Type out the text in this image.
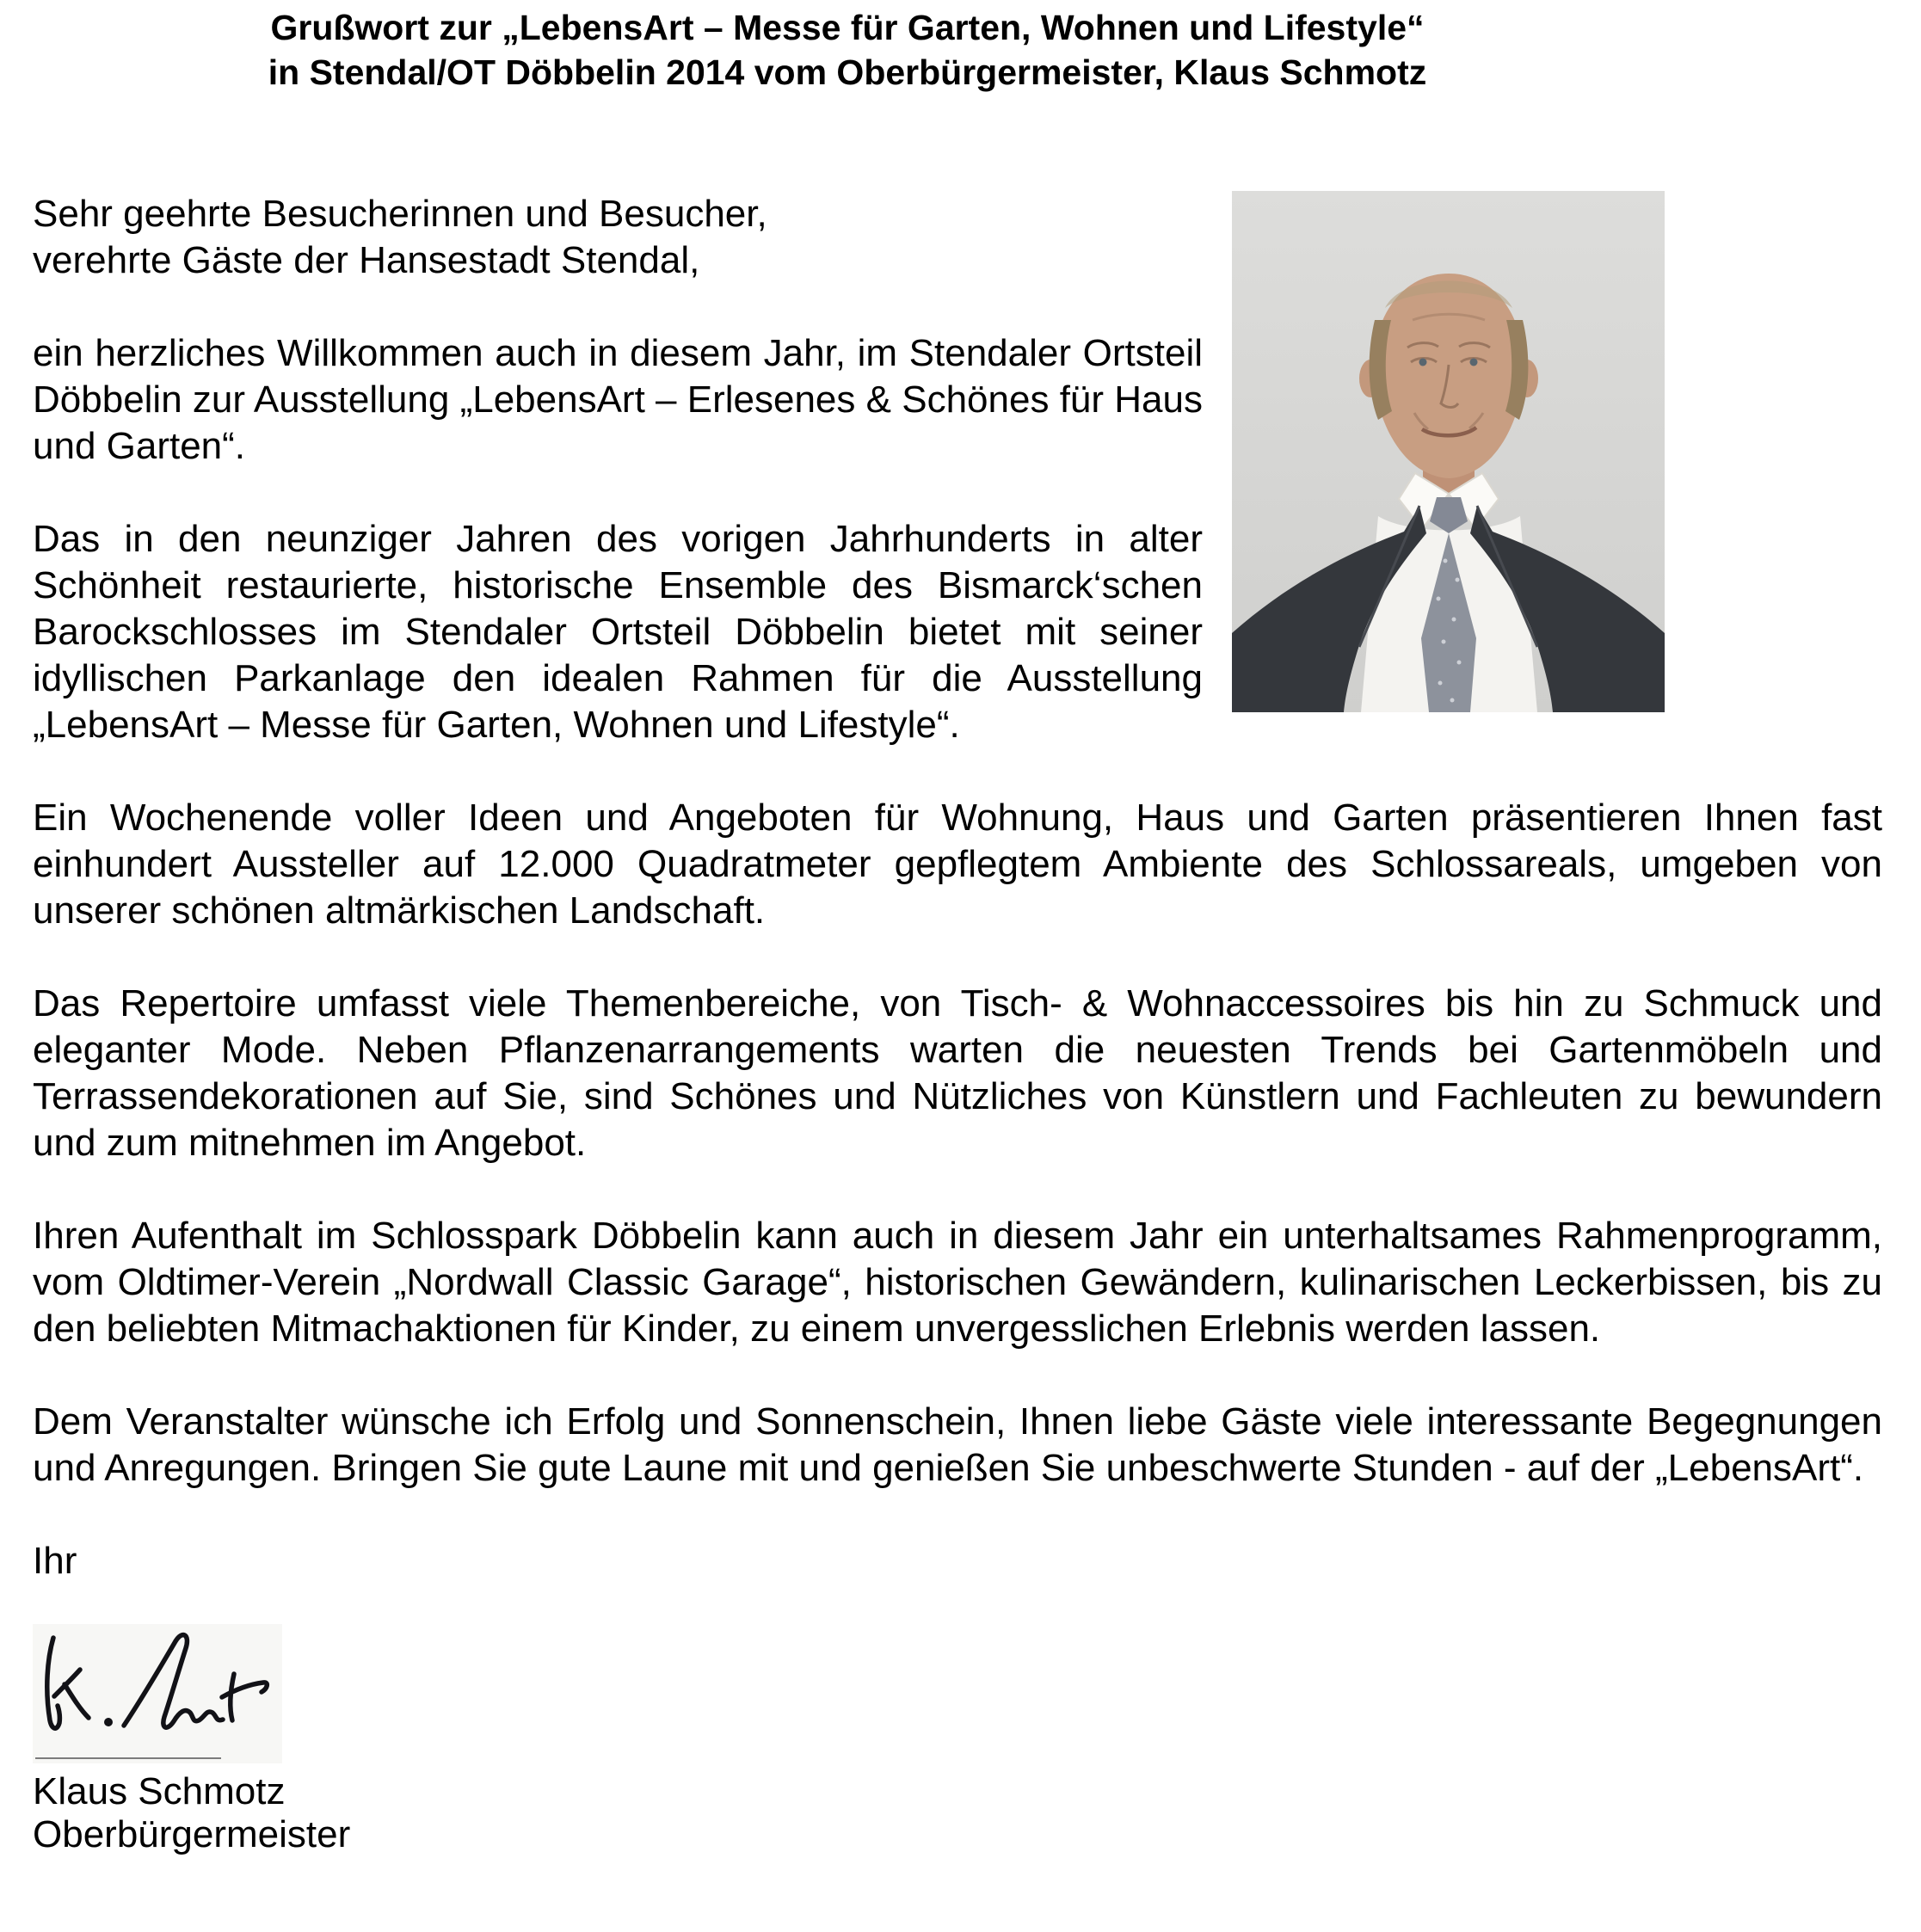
Grußwort zur „LebensArt – Messe für Garten, Wohnen und Lifestyle“
in Stendal/OT Döbbelin 2014 vom Oberbürgermeister, Klaus Schmotz

Sehr geehrte Besucherinnen und Besucher,
verehrte Gäste der Hansestadt Stendal,

ein herzliches Willkommen auch in diesem Jahr, im Stendaler Ortsteil Döbbelin zur Ausstellung „LebensArt – Erlesenes & Schönes für Haus und Garten“.

Das in den neunziger Jahren des vorigen Jahrhunderts in alter Schönheit restaurierte, historische Ensemble des Bismarck‘schen Barockschlosses im Stendaler Ortsteil Döbbelin bietet mit seiner idyllischen Parkanlage den idealen Rahmen für die Ausstellung „LebensArt – Messe für Garten, Wohnen und Lifestyle“.

Ein Wochenende voller Ideen und Angeboten für Wohnung, Haus und Garten präsentieren Ihnen fast einhundert Aussteller auf 12.000 Quadratmeter gepflegtem Ambiente des Schlossareals, umgeben von unserer schönen altmärkischen Landschaft.

Das Repertoire umfasst viele Themenbereiche, von Tisch- & Wohnaccessoires bis hin zu Schmuck und eleganter Mode. Neben Pflanzenarrangements warten die neuesten Trends bei Gartenmöbeln und Terrassendekorationen auf Sie, sind Schönes und Nützliches von Künstlern und Fachleuten zu bewundern und zum mitnehmen im Angebot.

Ihren Aufenthalt im Schlosspark Döbbelin kann auch in diesem Jahr ein unterhaltsames Rahmenprogramm, vom Oldtimer-Verein „Nordwall Classic Garage“, historischen Gewändern, kulinarischen Leckerbissen, bis zu den beliebten Mitmachaktionen für Kinder, zu einem unvergesslichen Erlebnis werden lassen.

Dem Veranstalter wünsche ich Erfolg und Sonnenschein, Ihnen liebe Gäste viele interessante Begegnungen und Anregungen. Bringen Sie gute Laune mit und genießen Sie unbeschwerte Stunden - auf der „LebensArt“.

Ihr

Klaus Schmotz
Oberbürgermeister
